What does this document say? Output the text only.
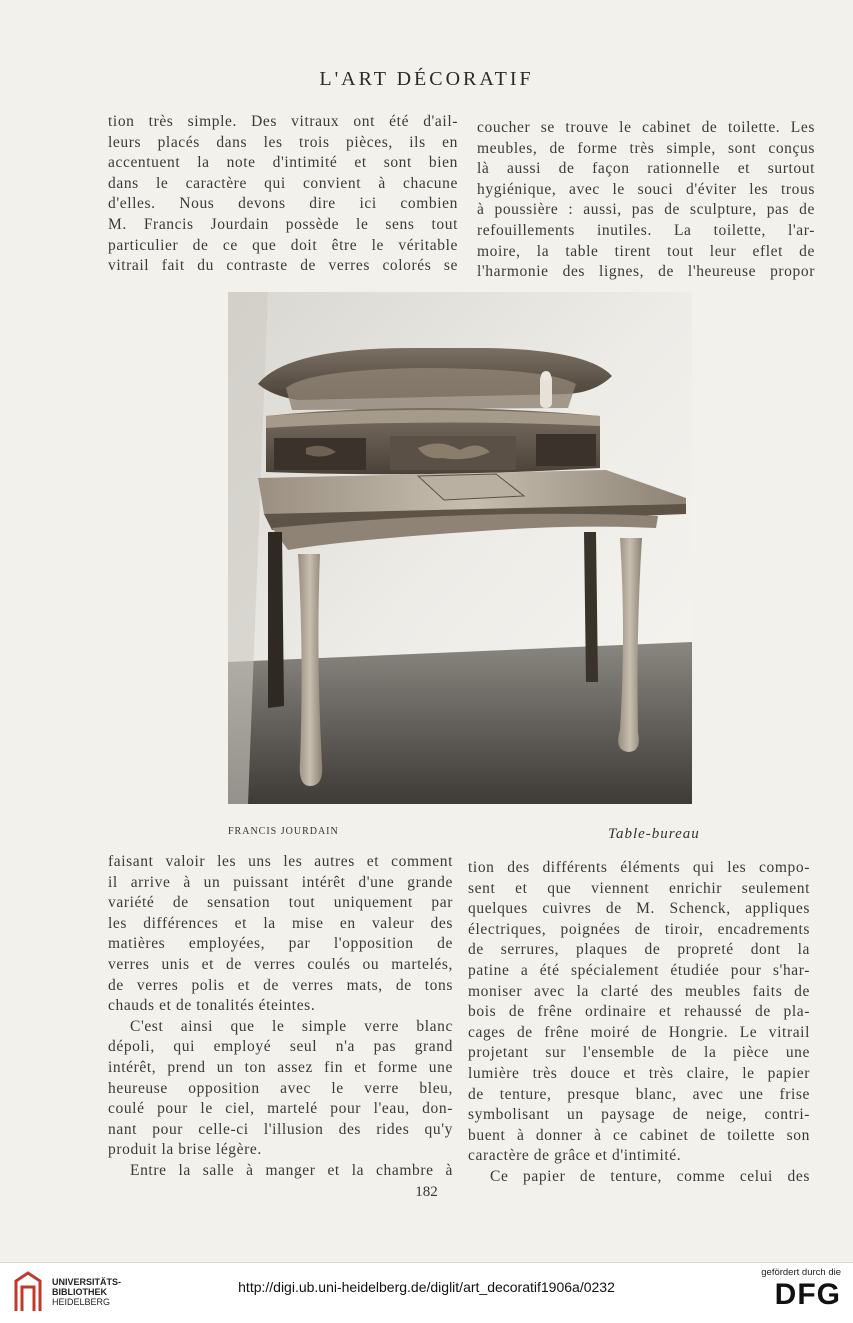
L'ART DÉCORATIF

tion très simple. Des vitraux ont été d'ail-
leurs placés dans les trois pièces, ils en
accentuent la note d'intimité et sont bien
dans le caractère qui convient à chacune
d'elles. Nous devons dire ici combien
M. Francis Jourdain possède le sens tout
particulier de ce que doit être le véritable
vitrail fait du contraste de verres colorés se

coucher se trouve le cabinet de toilette. Les
meubles, de forme très simple, sont conçus
là aussi de façon rationnelle et surtout
hygiénique, avec le souci d'éviter les trous
à poussière : aussi, pas de sculpture, pas de
refouillements inutiles. La toilette, l'ar-
moire, la table tirent tout leur eflet de
l'harmonie des lignes, de l'heureuse propor

FRANCIS JOURDAIN	Table-bureau

faisant valoir les uns les autres et comment
il arrive à un puissant intérêt d'une grande
variété de sensation tout uniquement par
les différences et la mise en valeur des
matières employées, par l'opposition de
verres unis et de verres coulés ou martelés,
de verres polis et de verres mats, de tons
chauds et de tonalités éteintes.

C'est ainsi que le simple verre blanc
dépoli, qui employé seul n'a pas grand
intérêt, prend un ton assez fin et forme une
heureuse opposition avec le verre bleu,
coulé pour le ciel, martelé pour l'eau, don-
nant pour celle-ci l'illusion des rides qu'y
produit la brise légère.

Entre la salle à manger et la chambre à

tion des différents éléments qui les compo-
sent et que viennent enrichir seulement
quelques cuivres de M. Schenck, appliques
électriques, poignées de tiroir, encadrements
de serrures, plaques de propreté dont la
patine a été spécialement étudiée pour s'har-
moniser avec la clarté des meubles faits de
bois de frêne ordinaire et rehaussé de pla-
cages de frêne moiré de Hongrie. Le vitrail
projetant sur l'ensemble de la pièce une
lumière très douce et très claire, le papier
de tenture, presque blanc, avec une frise
symbolisant un paysage de neige, contri-
buent à donner à ce cabinet de toilette son
caractère de grâce et d'intimité.

Ce papier de tenture, comme celui des

182
UNIVERSITÄTS-
BIBLIOTHEK
HEIDELBERG
http://digi.ub.uni-heidelberg.de/diglit/art_decoratif1906a/0232
gefördert durch die
DFG
